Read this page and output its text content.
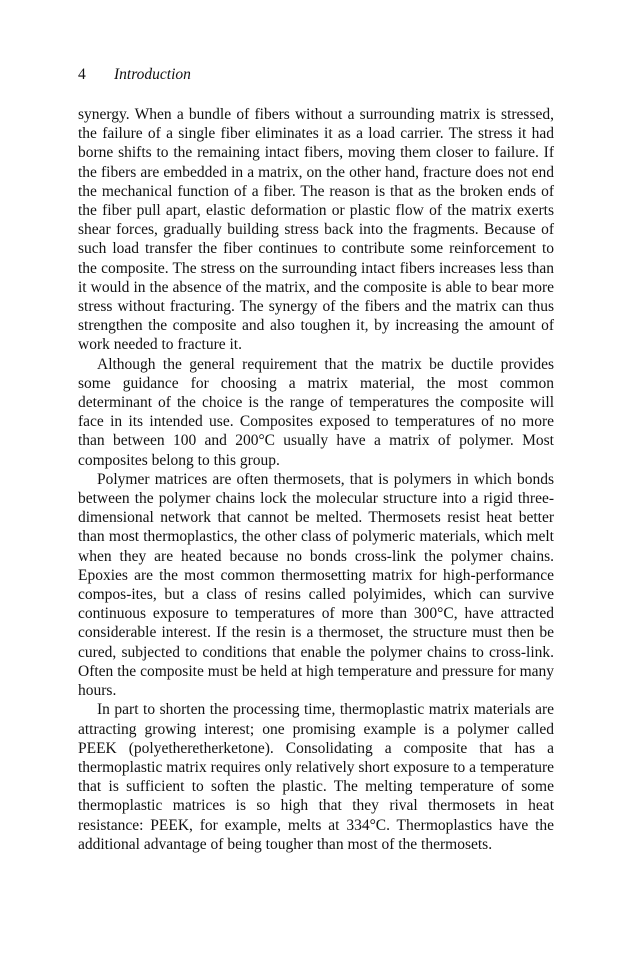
4 Introduction

synergy. When a bundle of fibers without a surrounding matrix is stressed, the failure of a single fiber eliminates it as a load carrier. The stress it had borne shifts to the remaining intact fibers, moving them closer to failure. If the fibers are embedded in a matrix, on the other hand, fracture does not end the mechanical function of a fiber. The reason is that as the broken ends of the fiber pull apart, elastic deformation or plastic flow of the matrix exerts shear forces, gradually building stress back into the fragments. Because of such load transfer the fiber continues to contribute some reinforcement to the composite. The stress on the surrounding intact fibers increases less than it would in the absence of the matrix, and the composite is able to bear more stress without fracturing. The synergy of the fibers and the matrix can thus strengthen the composite and also toughen it, by increasing the amount of work needed to fracture it.

Although the general requirement that the matrix be ductile provides some guidance for choosing a matrix material, the most common determinant of the choice is the range of temperatures the composite will face in its intended use. Composites exposed to temperatures of no more than between 100 and 200°C usually have a matrix of polymer. Most composites belong to this group.

Polymer matrices are often thermosets, that is polymers in which bonds between the polymer chains lock the molecular structure into a rigid three-dimensional network that cannot be melted. Thermosets resist heat better than most thermoplastics, the other class of polymeric materials, which melt when they are heated because no bonds cross-link the polymer chains. Epoxies are the most common thermosetting matrix for high-performance compos-ites, but a class of resins called polyimides, which can survive continuous exposure to temperatures of more than 300°C, have attracted considerable interest. If the resin is a thermoset, the structure must then be cured, subjected to conditions that enable the polymer chains to cross-link. Often the composite must be held at high temperature and pressure for many hours.

In part to shorten the processing time, thermoplastic matrix materials are attracting growing interest; one promising example is a polymer called PEEK (polyetheretherketone). Consolidating a composite that has a thermoplastic matrix requires only relatively short exposure to a temperature that is sufficient to soften the plastic. The melting temperature of some thermoplastic matrices is so high that they rival thermosets in heat resistance: PEEK, for example, melts at 334°C. Thermoplastics have the additional advantage of being tougher than most of the thermosets.
